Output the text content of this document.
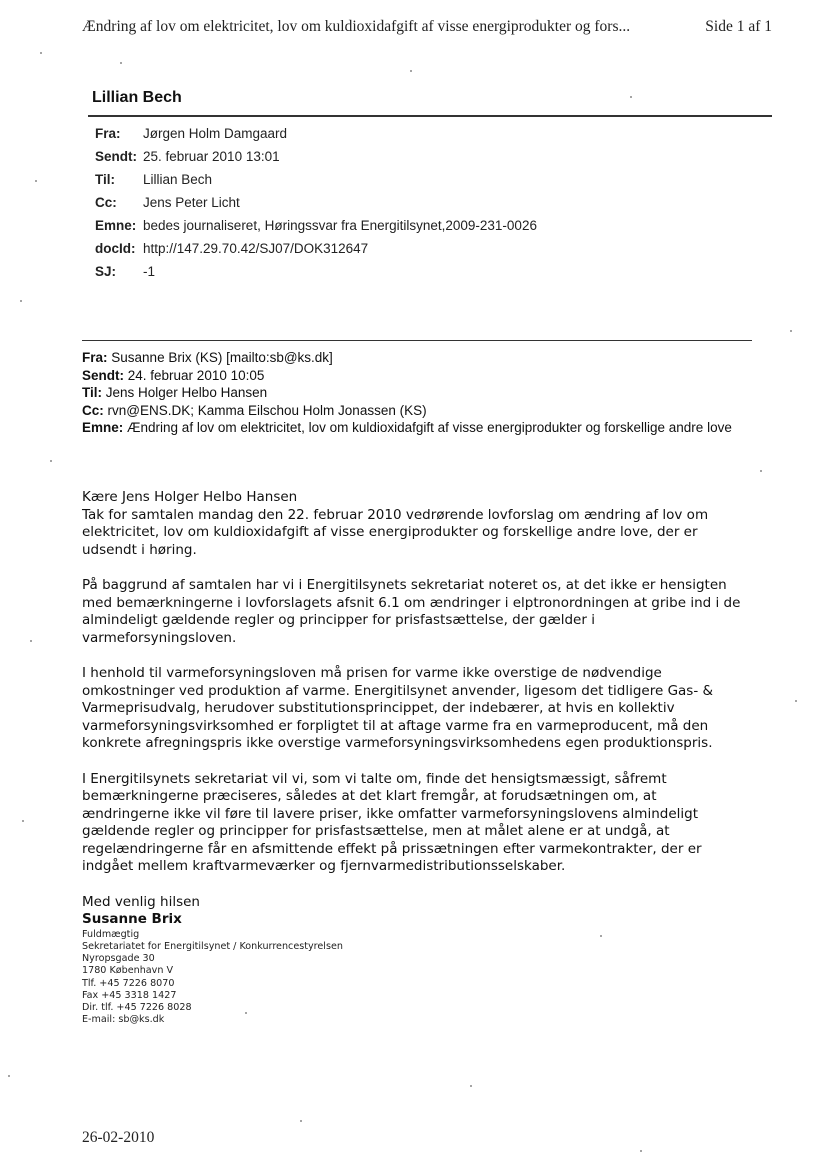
Ændring af lov om elektricitet, lov om kuldioxidafgift af visse energiprodukter og fors...	Side 1 af 1
Lillian Bech
Fra: Jørgen Holm Damgaard
Sendt: 25. februar 2010 13:01
Til: Lillian Bech
Cc: Jens Peter Licht
Emne: bedes journaliseret, Høringssvar fra Energitilsynet,2009-231-0026
docId: http://147.29.70.42/SJ07/DOK312647
SJ: -1
Fra: Susanne Brix (KS) [mailto:sb@ks.dk]
Sendt: 24. februar 2010 10:05
Til: Jens Holger Helbo Hansen
Cc: rvn@ENS.DK; Kamma Eilschou Holm Jonassen (KS)
Emne: Ændring af lov om elektricitet, lov om kuldioxidafgift af visse energiprodukter og forskellige andre love

Kære Jens Holger Helbo Hansen

Tak for samtalen mandag den 22. februar 2010 vedrørende lovforslag om ændring af lov om elektricitet, lov om kuldioxidafgift af visse energiprodukter og forskellige andre love, der er udsendt i høring.

På baggrund af samtalen har vi i Energitilsynets sekretariat noteret os, at det ikke er hensigten med bemærkningerne i lovforslagets afsnit 6.1 om ændringer i elptronordningen at gribe ind i de almindeligt gældende regler og principper for prisfastsættelse, der gælder i varmeforsyningsloven.

I henhold til varmeforsyningsloven må prisen for varme ikke overstige de nødvendige omkostninger ved produktion af varme. Energitilsynet anvender, ligesom det tidligere Gas- & Varmeprisudvalg, herudover substitutionsprincippet, der indebærer, at hvis en kollektiv varmeforsyningsvirksomhed er forpligtet til at aftage varme fra en varmeproducent, må den konkrete afregningspris ikke overstige varmeforsyningsvirksomhedens egen produktionspris.

I Energitilsynets sekretariat vil vi, som vi talte om, finde det hensigtsmæssigt, såfremt bemærkningerne præciseres, således at det klart fremgår, at forudsætningen om, at ændringerne ikke vil føre til lavere priser, ikke omfatter varmeforsyningslovens almindeligt gældende regler og principper for prisfastsættelse, men at målet alene er at undgå, at regelændringerne får en afsmittende effekt på prissætningen efter varmekontrakter, der er indgået mellem kraftvarmeværker og fjernvarmedistributionsselskaber.

Med venlig hilsen
Susanne Brix
Fuldmægtig
Sekretariatet for Energitilsynet / Konkurrencestyrelsen
Nyropsgade 30
1780 København V
Tlf. +45 7226 8070
Fax +45 3318 1427
Dir. tlf. +45 7226 8028
E-mail: sb@ks.dk
26-02-2010
